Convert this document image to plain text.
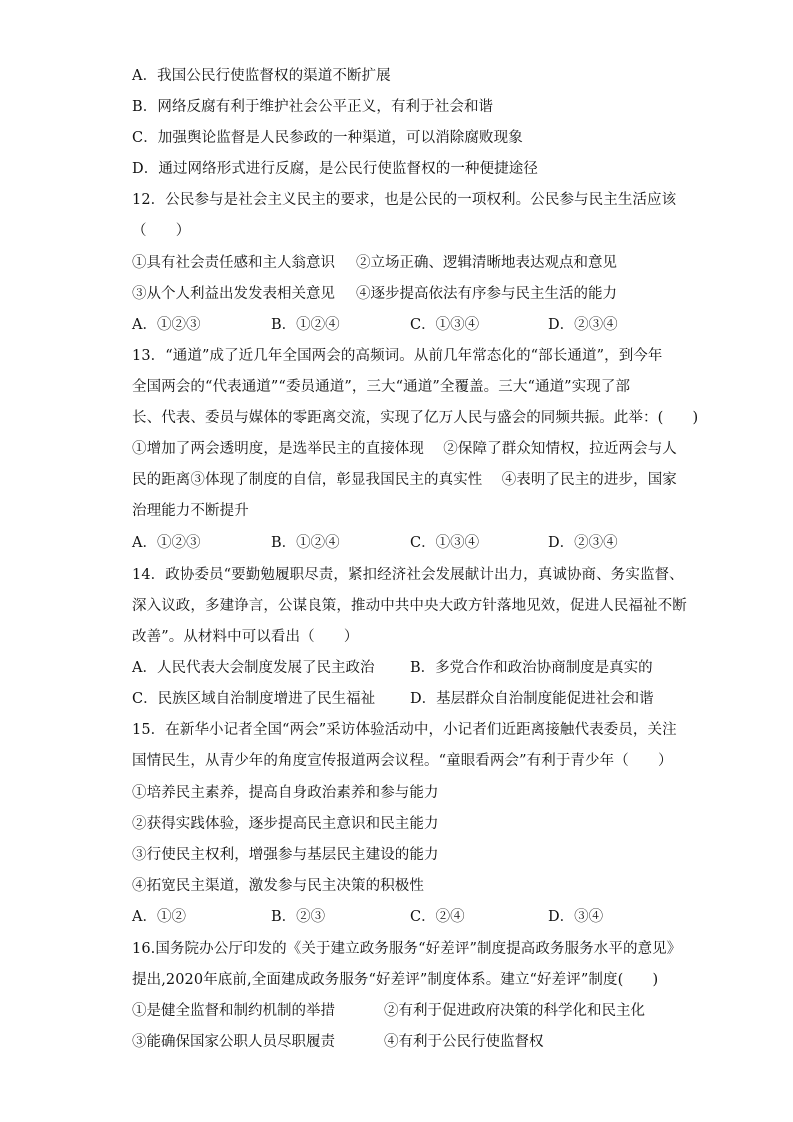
A．我国公民行使监督权的渠道不断扩展
B．网络反腐有利于维护社会公平正义，有利于社会和谐
C．加强舆论监督是人民参政的一种渠道，可以消除腐败现象
D．通过网络形式进行反腐，是公民行使监督权的一种便捷途径
12．公民参与是社会主义民主的要求，也是公民的一项权利。公民参与民主生活应该
（　　）
①具有社会责任感和主人翁意识 ②立场正确、逻辑清晰地表达观点和意见
③从个人利益出发发表相关意见 ④逐步提高依法有序参与民主生活的能力
A．①②③	B．①②④	C．①③④	D．②③④
13．“通道”成了近几年全国两会的高频词。从前几年常态化的“部长通道”，到今年
全国两会的“代表通道”“委员通道”，三大“通道”全覆盖。三大“通道”实现了部
长、代表、委员与媒体的零距离交流，实现了亿万人民与盛会的同频共振。此举：(　　)
①增加了两会透明度，是选举民主的直接体现　 ②保障了群众知情权，拉近两会与人
民的距离③体现了制度的自信，彰显我国民主的真实性　 ④表明了民主的进步，国家
治理能力不断提升
A．①②③	B．①②④	C．①③④	D．②③④
14．政协委员“要勤勉履职尽责，紧扣经济社会发展献计出力，真诚协商、务实监督、
深入议政，多建诤言，公谋良策，推动中共中央大政方针落地见效，促进人民福祉不断
改善”。从材料中可以看出（　　）
A．人民代表大会制度发展了民主政治 B．多党合作和政治协商制度是真实的
C．民族区域自治制度增进了民生福祉 D．基层群众自治制度能促进社会和谐
15．在新华小记者全国“两会”采访体验活动中，小记者们近距离接触代表委员，关注
国情民生，从青少年的角度宣传报道两会议程。“童眼看两会”有利于青少年（　　）
①培养民主素养，提高自身政治素养和参与能力
②获得实践体验，逐步提高民主意识和民主能力
③行使民主权利，增强参与基层民主建设的能力
④拓宽民主渠道，激发参与民主决策的积极性
A．①②	B．②③	C．②④	D．③④
16.国务院办公厅印发的《关于建立政务服务“好差评”制度提高政务服务水平的意见》
提出,2020年底前,全面建成政务服务“好差评”制度体系。建立“好差评”制度(　　)
①是健全监督和制约机制的举措	②有利于促进政府决策的科学化和民主化
③能确保国家公职人员尽职履责	④有利于公民行使监督权
